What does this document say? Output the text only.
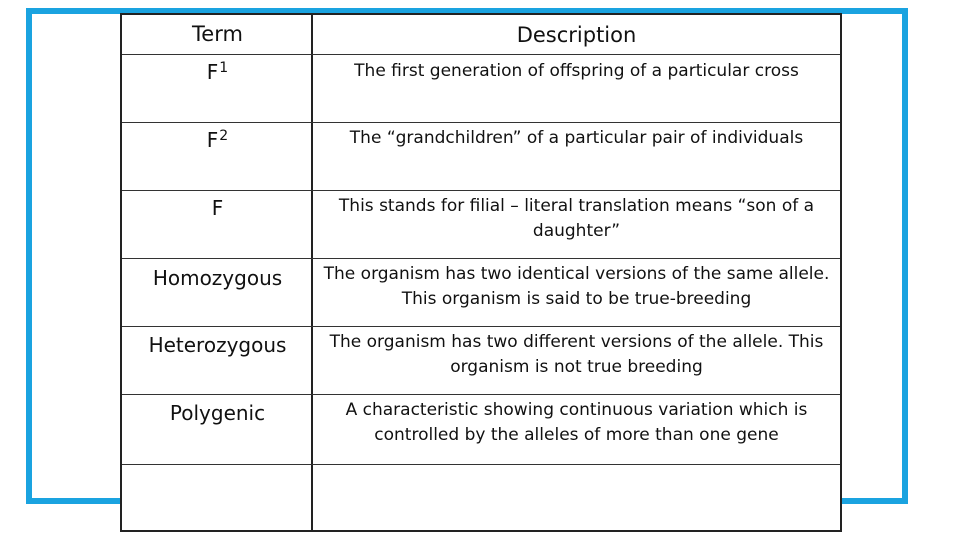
Term	Description
F 1	The first generation of offspring of a particular cross
F 2	The “grandchildren” of a particular pair of individuals
F	This stands for filial – literal translation means “son of a daughter”
Homozygous	The organism has two identical versions of the same allele. This organism is said to be true-breeding
Heterozygous	The organism has two different versions of the allele. This organism is not true breeding
Polygenic	A characteristic showing continuous variation which is controlled by the alleles of more than one gene
